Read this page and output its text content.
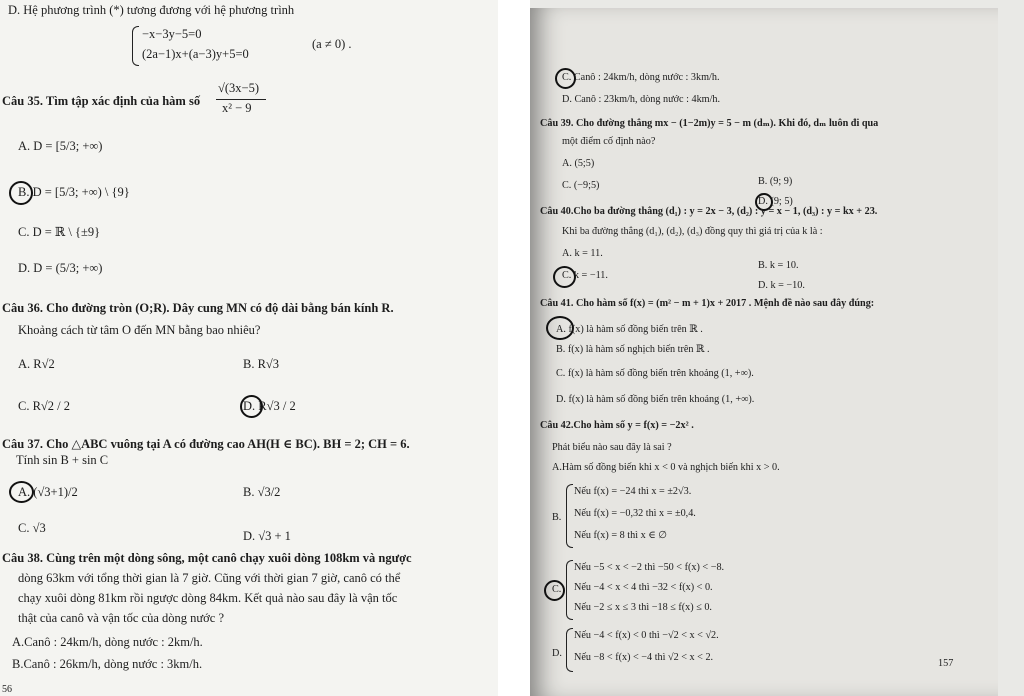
D. Hệ phương trình (*) tương đương với hệ phương trình
−x−3y−5=0
(2a−1)x+(a−3)y+5=0
(a ≠ 0) .
Câu 35. Tìm tập xác định của hàm số
√(3x−5)
x² − 9
A. D = [5/3; +∞)
B. D = [5/3; +∞) \ {9}
C. D = ℝ \ {±9}
D. D = (5/3; +∞)
Câu 36. Cho đường tròn (O;R). Dây cung MN có độ dài bằng bán kính R.
Khoảng cách từ tâm O đến MN bằng bao nhiêu?
A. R√2	B. R√3
C. R√2 / 2	D. R√3 / 2
Câu 37. Cho △ABC vuông tại A có đường cao AH(H ∈ BC). BH = 2; CH = 6.
Tính sin B + sin C
A. (√3+1)/2	B. √3/2
C. √3
D. √3 + 1
Câu 38. Cùng trên một dòng sông, một canô chạy xuôi dòng 108km và ngược
dòng 63km với tổng thời gian là 7 giờ. Cũng với thời gian 7 giờ, canô có thể
chạy xuôi dòng 81km rồi ngược dòng 84km. Kết quả nào sau đây là vận tốc
thật của canô và vận tốc của dòng nước ?
A.Canô : 24km/h, dòng nước : 2km/h.
B.Canô : 26km/h, dòng nước : 3km/h.
56
C. Canô : 24km/h, dòng nước : 3km/h.
D. Canô : 23km/h, dòng nước : 4km/h.
Câu 39. Cho đường thẳng mx − (1−2m)y = 5 − m (dₘ). Khi đó, dₘ luôn đi qua
một điểm cố định nào?
A. (5;5)
B. (9; 9)
C. (−9;5)
D. (9; 5)
Câu 40.Cho ba đường thẳng (d₁) : y = 2x − 3, (d₂) : y = x − 1, (d₃) : y = kx + 23.
Khi ba đường thẳng (d₁), (d₂), (d₃) đồng quy thì giá trị của k là :
A. k = 11.
B. k = 10.
C. k = −11.
D. k = −10.
Câu 41. Cho hàm số f(x) = (m² − m + 1)x + 2017 . Mệnh đề nào sau đây đúng:
A. f(x) là hàm số đồng biến trên ℝ .
B. f(x) là hàm số nghịch biến trên ℝ .
C. f(x) là hàm số đồng biến trên khoảng (1, +∞).
D. f(x) là hàm số đồng biến trên khoảng (1, +∞).
Câu 42.Cho hàm số y = f(x) = −2x² .
Phát biểu nào sau đây là sai ?
A.Hàm số đồng biến khi x < 0 và nghịch biến khi x > 0.
B.
Nếu f(x) = −24 thì x = ±2√3.
Nếu f(x) = −0,32 thì x = ±0,4.
Nếu f(x) = 8 thì x ∈ ∅
C.
Nếu −5 < x < −2 thì −50 < f(x) < −8.
Nếu −4 < x < 4 thì −32 < f(x) < 0.
Nếu −2 ≤ x ≤ 3 thì −18 ≤ f(x) ≤ 0.
D.
Nếu −4 < f(x) < 0 thì −√2 < x < √2.
Nếu −8 < f(x) < −4 thì √2 < x < 2.
157
